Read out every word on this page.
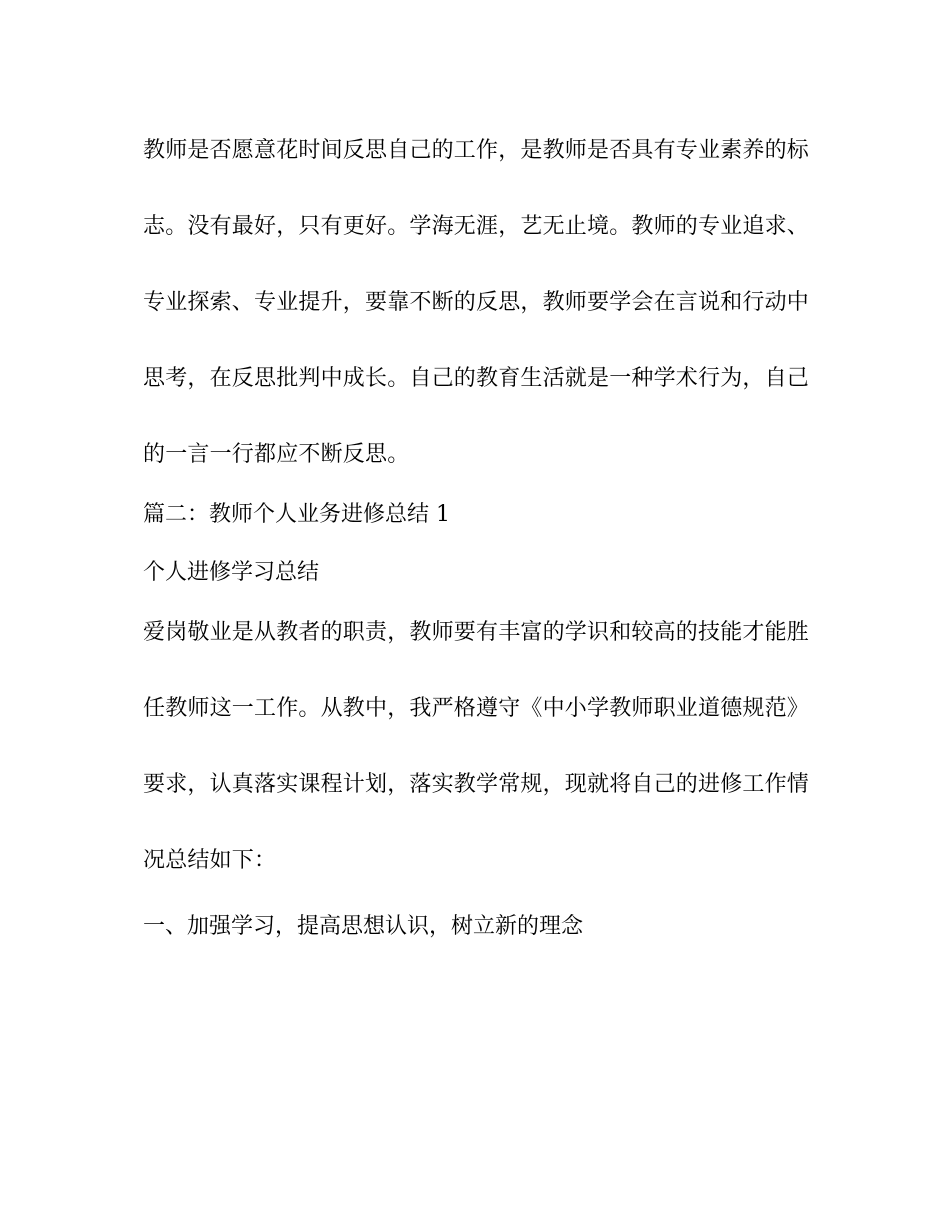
教师是否愿意花时间反思自己的工作，是教师是否具有专业素养的标
志。没有最好，只有更好。学海无涯，艺无止境。教师的专业追求、
专业探索、专业提升，要靠不断的反思，教师要学会在言说和行动中
思考，在反思批判中成长。自己的教育生活就是一种学术行为，自己
的一言一行都应不断反思。
篇二：教师个人业务进修总结 1
个人进修学习总结
爱岗敬业是从教者的职责，教师要有丰富的学识和较高的技能才能胜
任教师这一工作。从教中，我严格遵守《中小学教师职业道德规范》
要求，认真落实课程计划，落实教学常规，现就将自己的进修工作情
况总结如下：
一、加强学习，提高思想认识，树立新的理念
